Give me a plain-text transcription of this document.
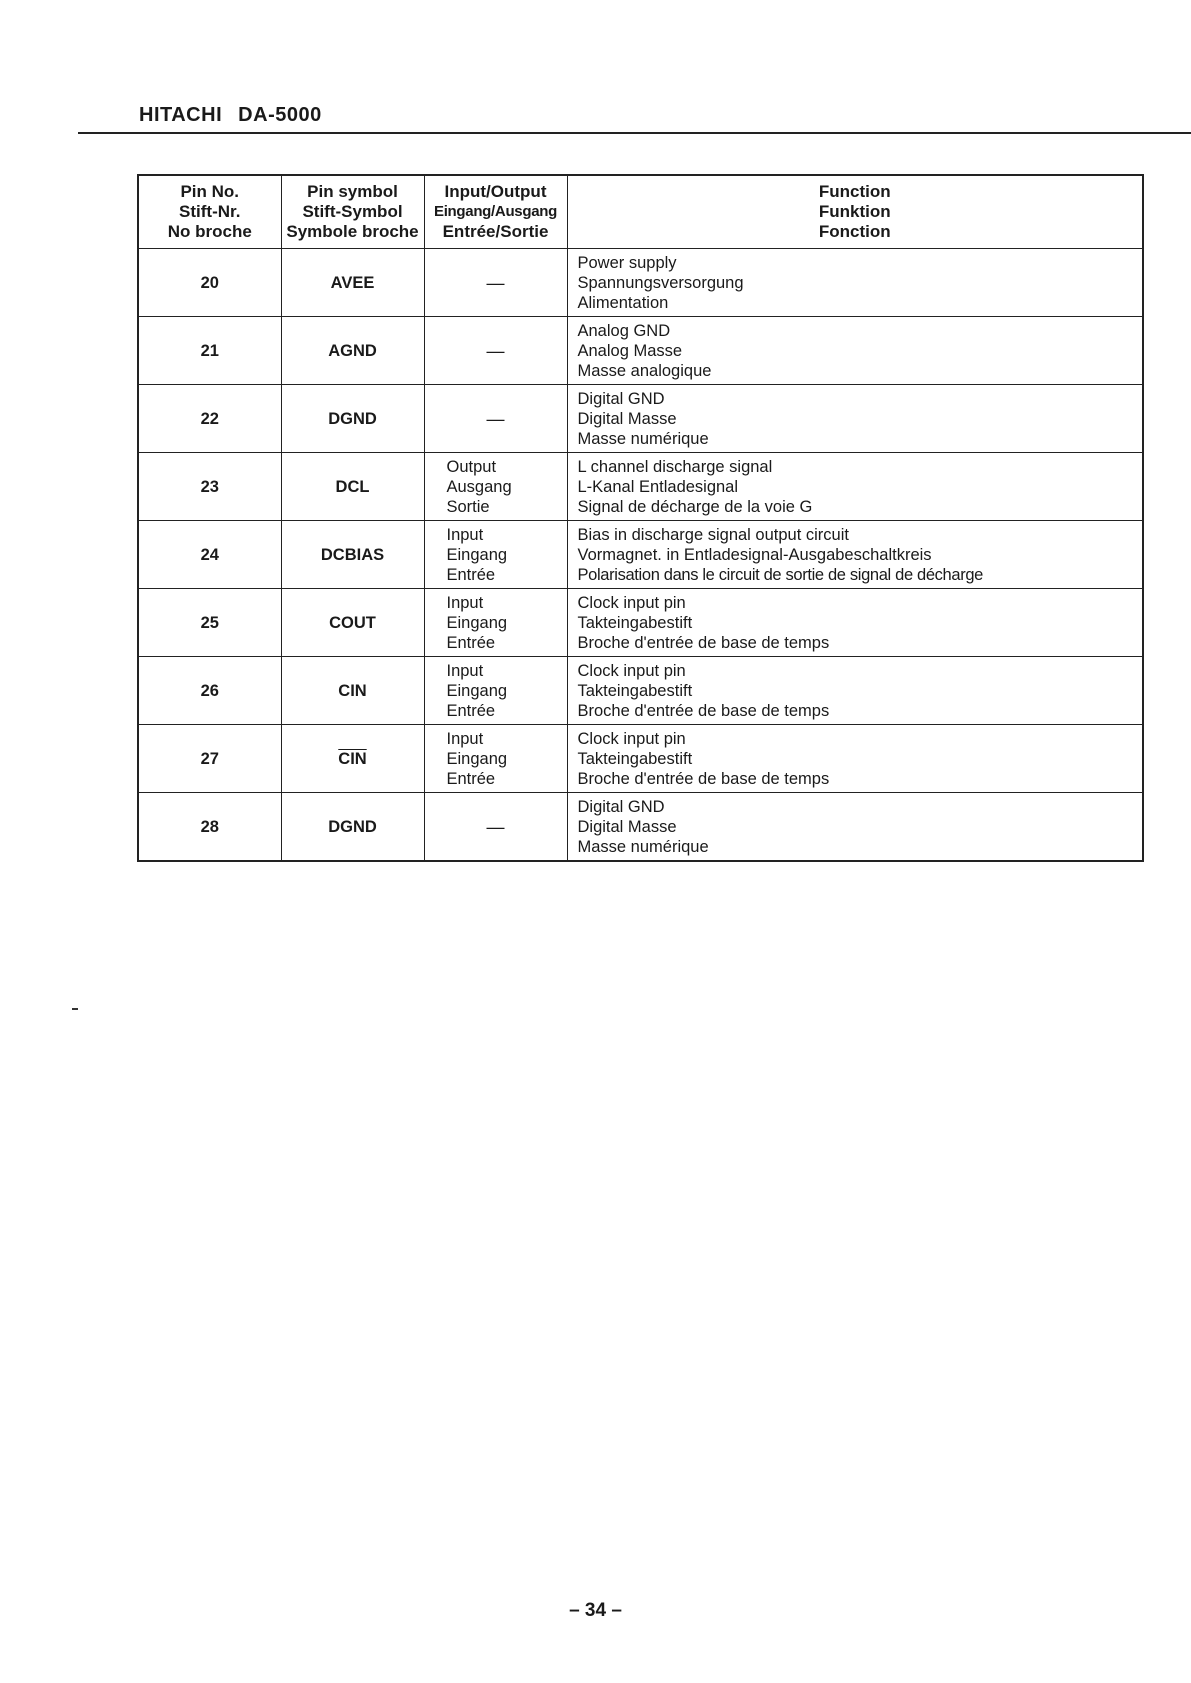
HITACHI DA-5000
Pin No.
Stift-Nr.
No broche	Pin symbol
Stift-Symbol
Symbole broche	Input/Output
Eingang/Ausgang
Entrée/Sortie	Function
Funktion
Fonction

20	AVEE	—	Power supply
Spannungsversorgung
Alimentation

21	AGND	—	Analog GND
Analog Masse
Masse analogique

22	DGND	—	Digital GND
Digital Masse
Masse numérique

23	DCL	Output
Ausgang
Sortie	L channel discharge signal
L-Kanal Entladesignal
Signal de décharge de la voie G

24	DCBIAS	Input
Eingang
Entrée	Bias in discharge signal output circuit
Vormagnet. in Entladesignal-Ausgabeschaltkreis
Polarisation dans le circuit de sortie de signal de décharge

25	COUT	Input
Eingang
Entrée	Clock input pin
Takteingabestift
Broche d'entrée de base de temps

26	CIN	Input
Eingang
Entrée	Clock input pin
Takteingabestift
Broche d'entrée de base de temps

27	$\overline{CIN}$	Input
Eingang
Entrée	Clock input pin
Takteingabestift
Broche d'entrée de base de temps

28	DGND	—	Digital GND
Digital Masse
Masse numérique
– 34 –
